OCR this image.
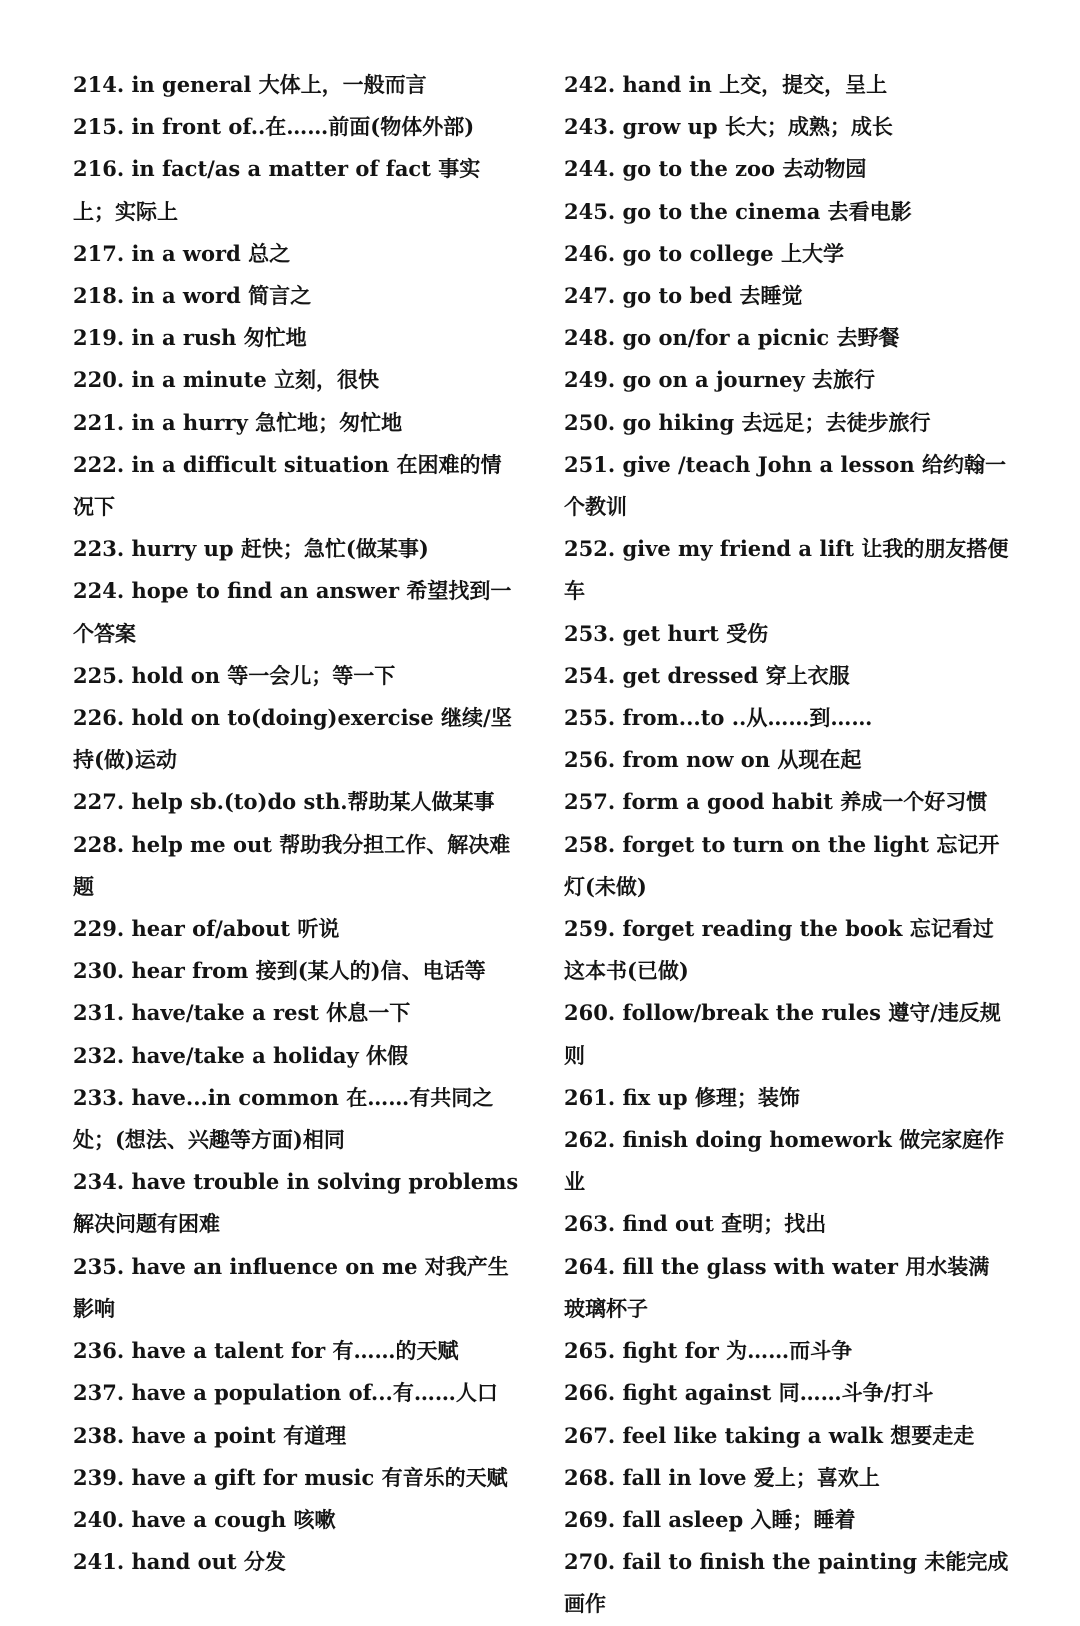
214. in general 大体上，一般而言
215. in front of..在……前面(物体外部)
216. in fact/as a matter of fact 事实上；实际上
217. in a word 总之
218. in a word 简言之
219. in a rush 匆忙地
220. in a minute 立刻，很快
221. in a hurry 急忙地；匆忙地
222. in a difficult situation 在困难的情况下
223. hurry up 赶快；急忙(做某事)
224. hope to find an answer 希望找到一个答案
225. hold on 等一会儿；等一下
226. hold on to(doing)exercise 继续/坚持(做)运动
227. help sb.(to)do sth.帮助某人做某事
228. help me out 帮助我分担工作、解决难题
229. hear of/about 听说
230. hear from 接到(某人的)信、电话等
231. have/take a rest 休息一下
232. have/take a holiday 休假
233. have...in common 在……有共同之处；(想法、兴趣等方面)相同
234. have trouble in solving problems 解决问题有困难
235. have an influence on me 对我产生影响
236. have a talent for 有……的天赋
237. have a population of...有……人口
238. have a point 有道理
239. have a gift for music 有音乐的天赋
240. have a cough 咳嗽
241. hand out 分发
242. hand in 上交，提交，呈上
243. grow up 长大；成熟；成长
244. go to the zoo 去动物园
245. go to the cinema 去看电影
246. go to college 上大学
247. go to bed 去睡觉
248. go on/for a picnic 去野餐
249. go on a journey 去旅行
250. go hiking 去远足；去徒步旅行
251. give /teach John a lesson 给约翰一个教训
252. give my friend a lift 让我的朋友搭便车
253. get hurt 受伤
254. get dressed 穿上衣服
255. from...to ..从……到……
256. from now on 从现在起
257. form a good habit 养成一个好习惯
258. forget to turn on the light 忘记开灯(未做)
259. forget reading the book 忘记看过这本书(已做)
260. follow/break the rules 遵守/违反规则
261. fix up 修理；装饰
262. finish doing homework 做完家庭作业
263. find out 查明；找出
264. fill the glass with water 用水装满玻璃杯子
265. fight for 为……而斗争
266. fight against 同……斗争/打斗
267. feel like taking a walk 想要走走
268. fall in love 爱上；喜欢上
269. fall asleep 入睡；睡着
270. fail to finish the painting 未能完成画作
